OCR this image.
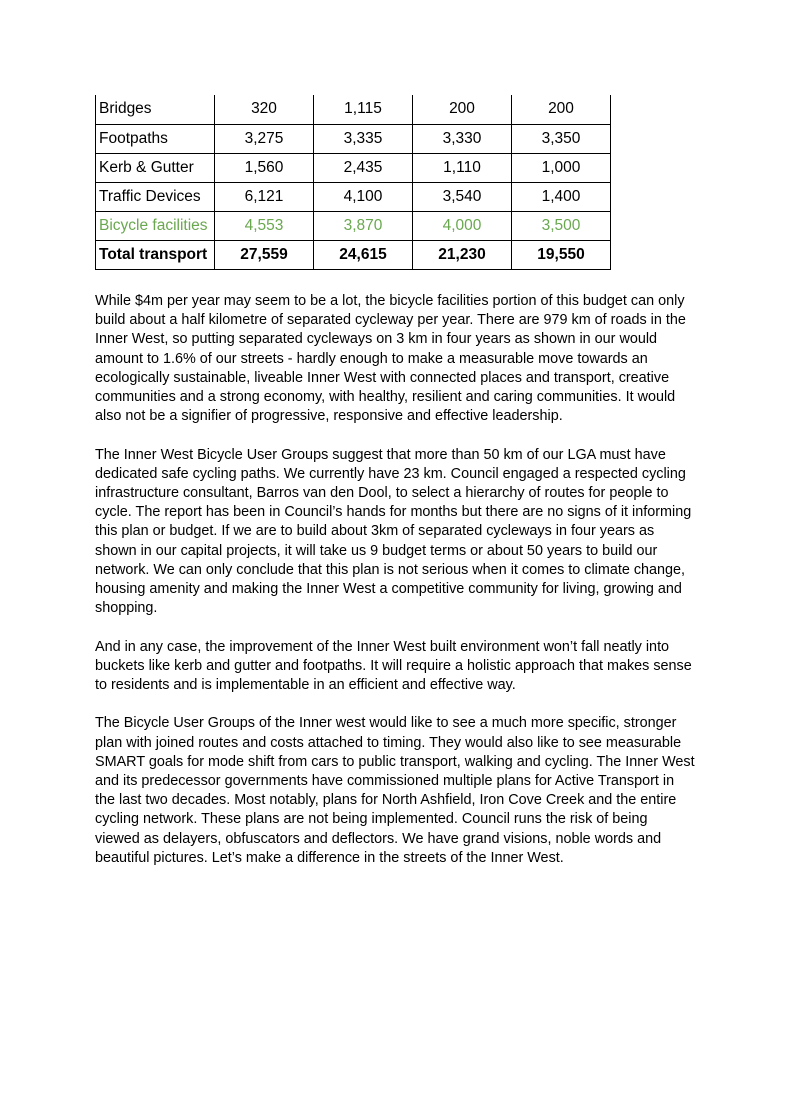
Bridges	320	1,115	200	200
Footpaths	3,275	3,335	3,330	3,350
Kerb & Gutter	1,560	2,435	1,110	1,000
Traffic Devices	6,121	4,100	3,540	1,400
Bicycle facilities	4,553	3,870	4,000	3,500
Total transport	27,559	24,615	21,230	19,550

While $4m per year may seem to be a lot, the bicycle facilities portion of this budget can only build about a half kilometre of separated cycleway per year. There are 979 km of roads in the Inner West, so putting separated cycleways on 3 km in four years as shown in our would amount to 1.6% of our streets - hardly enough to make a measurable move towards an ecologically sustainable, liveable Inner West with connected places and transport, creative communities and a strong economy, with healthy, resilient and caring communities. It would also not be a signifier of progressive, responsive and effective leadership.

The Inner West Bicycle User Groups suggest that more than 50 km of our LGA must have dedicated safe cycling paths. We currently have 23 km. Council engaged a respected cycling infrastructure consultant, Barros van den Dool, to select a hierarchy of routes for people to cycle. The report has been in Council’s hands for months but there are no signs of it informing this plan or budget. If we are to build about 3km of separated cycleways in four years as shown in our capital projects, it will take us 9 budget terms or about 50 years to build our network. We can only conclude that this plan is not serious when it comes to climate change, housing amenity and making the Inner West a competitive community for living, growing and shopping.

And in any case, the improvement of the Inner West built environment won’t fall neatly into buckets like kerb and gutter and footpaths. It will require a holistic approach that makes sense to residents and is implementable in an efficient and effective way.

The Bicycle User Groups of the Inner west would like to see a much more specific, stronger plan with joined routes and costs attached to timing. They would also like to see measurable SMART goals for mode shift from cars to public transport, walking and cycling. The Inner West and its predecessor governments have commissioned multiple plans for Active Transport in the last two decades. Most notably, plans for North Ashfield, Iron Cove Creek and the entire cycling network. These plans are not being implemented. Council runs the risk of being viewed as delayers, obfuscators and deflectors. We have grand visions, noble words and beautiful pictures. Let’s make a difference in the streets of the Inner West.
